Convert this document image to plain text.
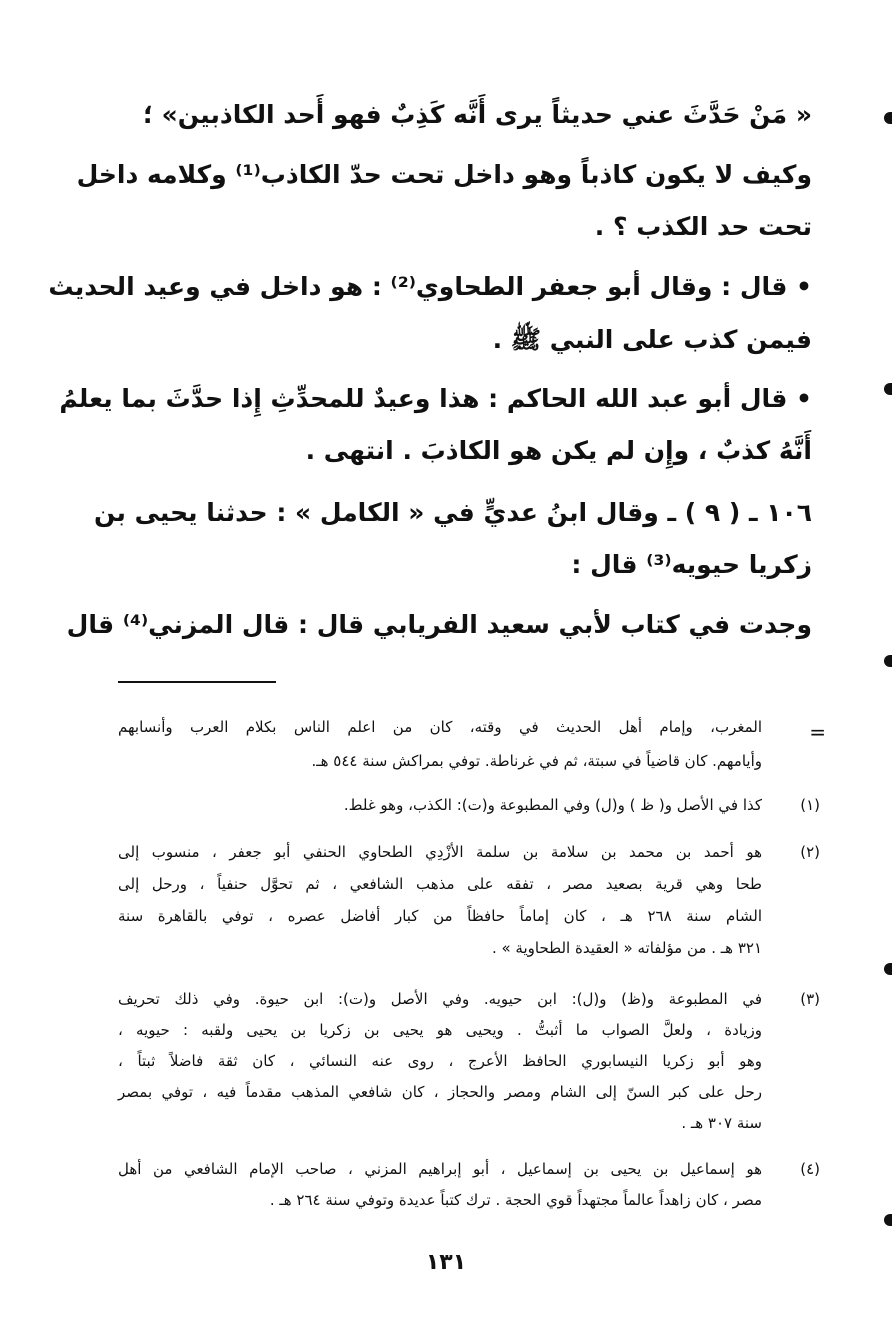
« مَنْ حَدَّثَ عني حديثاً يرى أَنَّه كَذِبٌ فهو أَحد الكاذبين» ؛
وكيف لا يكون كاذباً وهو داخل تحت حدّ الكاذب⁽¹⁾ وكلامه داخل
تحت حد الكذب ؟ .
• قال : وقال أبو جعفر الطحاوي⁽²⁾ : هو داخل في وعيد الحديث
فيمن كذب على النبي ﷺ .
• قال أبو عبد الله الحاكم : هذا وعيدٌ للمحدِّثِ إِذا حدَّثَ بما يعلمُ
أَنَّهُ كذبٌ ، وإِن لم يكن هو الكاذبَ . انتهى .
١٠٦ ـ ( ٩ ) ـ وقال ابنُ عديٍّ في « الكامل » : حدثنا يحيى بن
زكريا حيويه⁽³⁾ قال :
وجدت في كتاب لأبي سعيد الفريابي قال : قال المزني⁽⁴⁾ قال
=
المغرب، وإمام أهل الحديث في وقته، كان من اعلم الناس بكلام العرب وأنسابهم
وأيامهم. كان قاضياً في سبتة، ثم في غرناطة. توفي بمراكش سنة ٥٤٤ هـ.
(١)
كذا في الأصل و( ظ ) و(ل) وفي المطبوعة و(ت): الكذب، وهو غلط.
(٢)
هو أحمد بن محمد بن سلامة بن سلمة الأزْدِي الطحاوي الحنفي أبو جعفر ، منسوب إلى
طحا وهي قرية بصعيد مصر ، تفقه على مذهب الشافعي ، ثم تحوَّل حنفياً ، ورحل إلى
الشام سنة ٢٦٨ هـ ، كان إماماً حافظاً من كبار أفاضل عصره ، توفي بالقاهرة سنة
٣٢١ هـ . من مؤلفاته « العقيدة الطحاوية » .
(٣)
في المطبوعة و(ظ) و(ل): ابن حيويه. وفي الأصل و(ت): ابن حيوة. وفي ذلك تحريف
وزيادة ، ولعلَّ الصواب ما أثبتُّ . ويحيى هو يحيى بن زكريا بن يحيى ولقبه : حيويه ،
وهو أبو زكريا النيسابوري الحافظ الأعرج ، روى عنه النسائي ، كان ثقة فاضلاً ثبتاً ،
رحل على كبر السنّ إلى الشام ومصر والحجاز ، كان شافعي المذهب مقدماً فيه ، توفي بمصر
سنة ٣٠٧ هـ .
(٤)
هو إسماعيل بن يحيى بن إسماعيل ، أبو إبراهيم المزني ، صاحب الإمام الشافعي من أهل
مصر ، كان زاهداً عالماً مجتهداً قوي الحجة . ترك كتباً عديدة وتوفي سنة ٢٦٤ هـ .
١٣١
